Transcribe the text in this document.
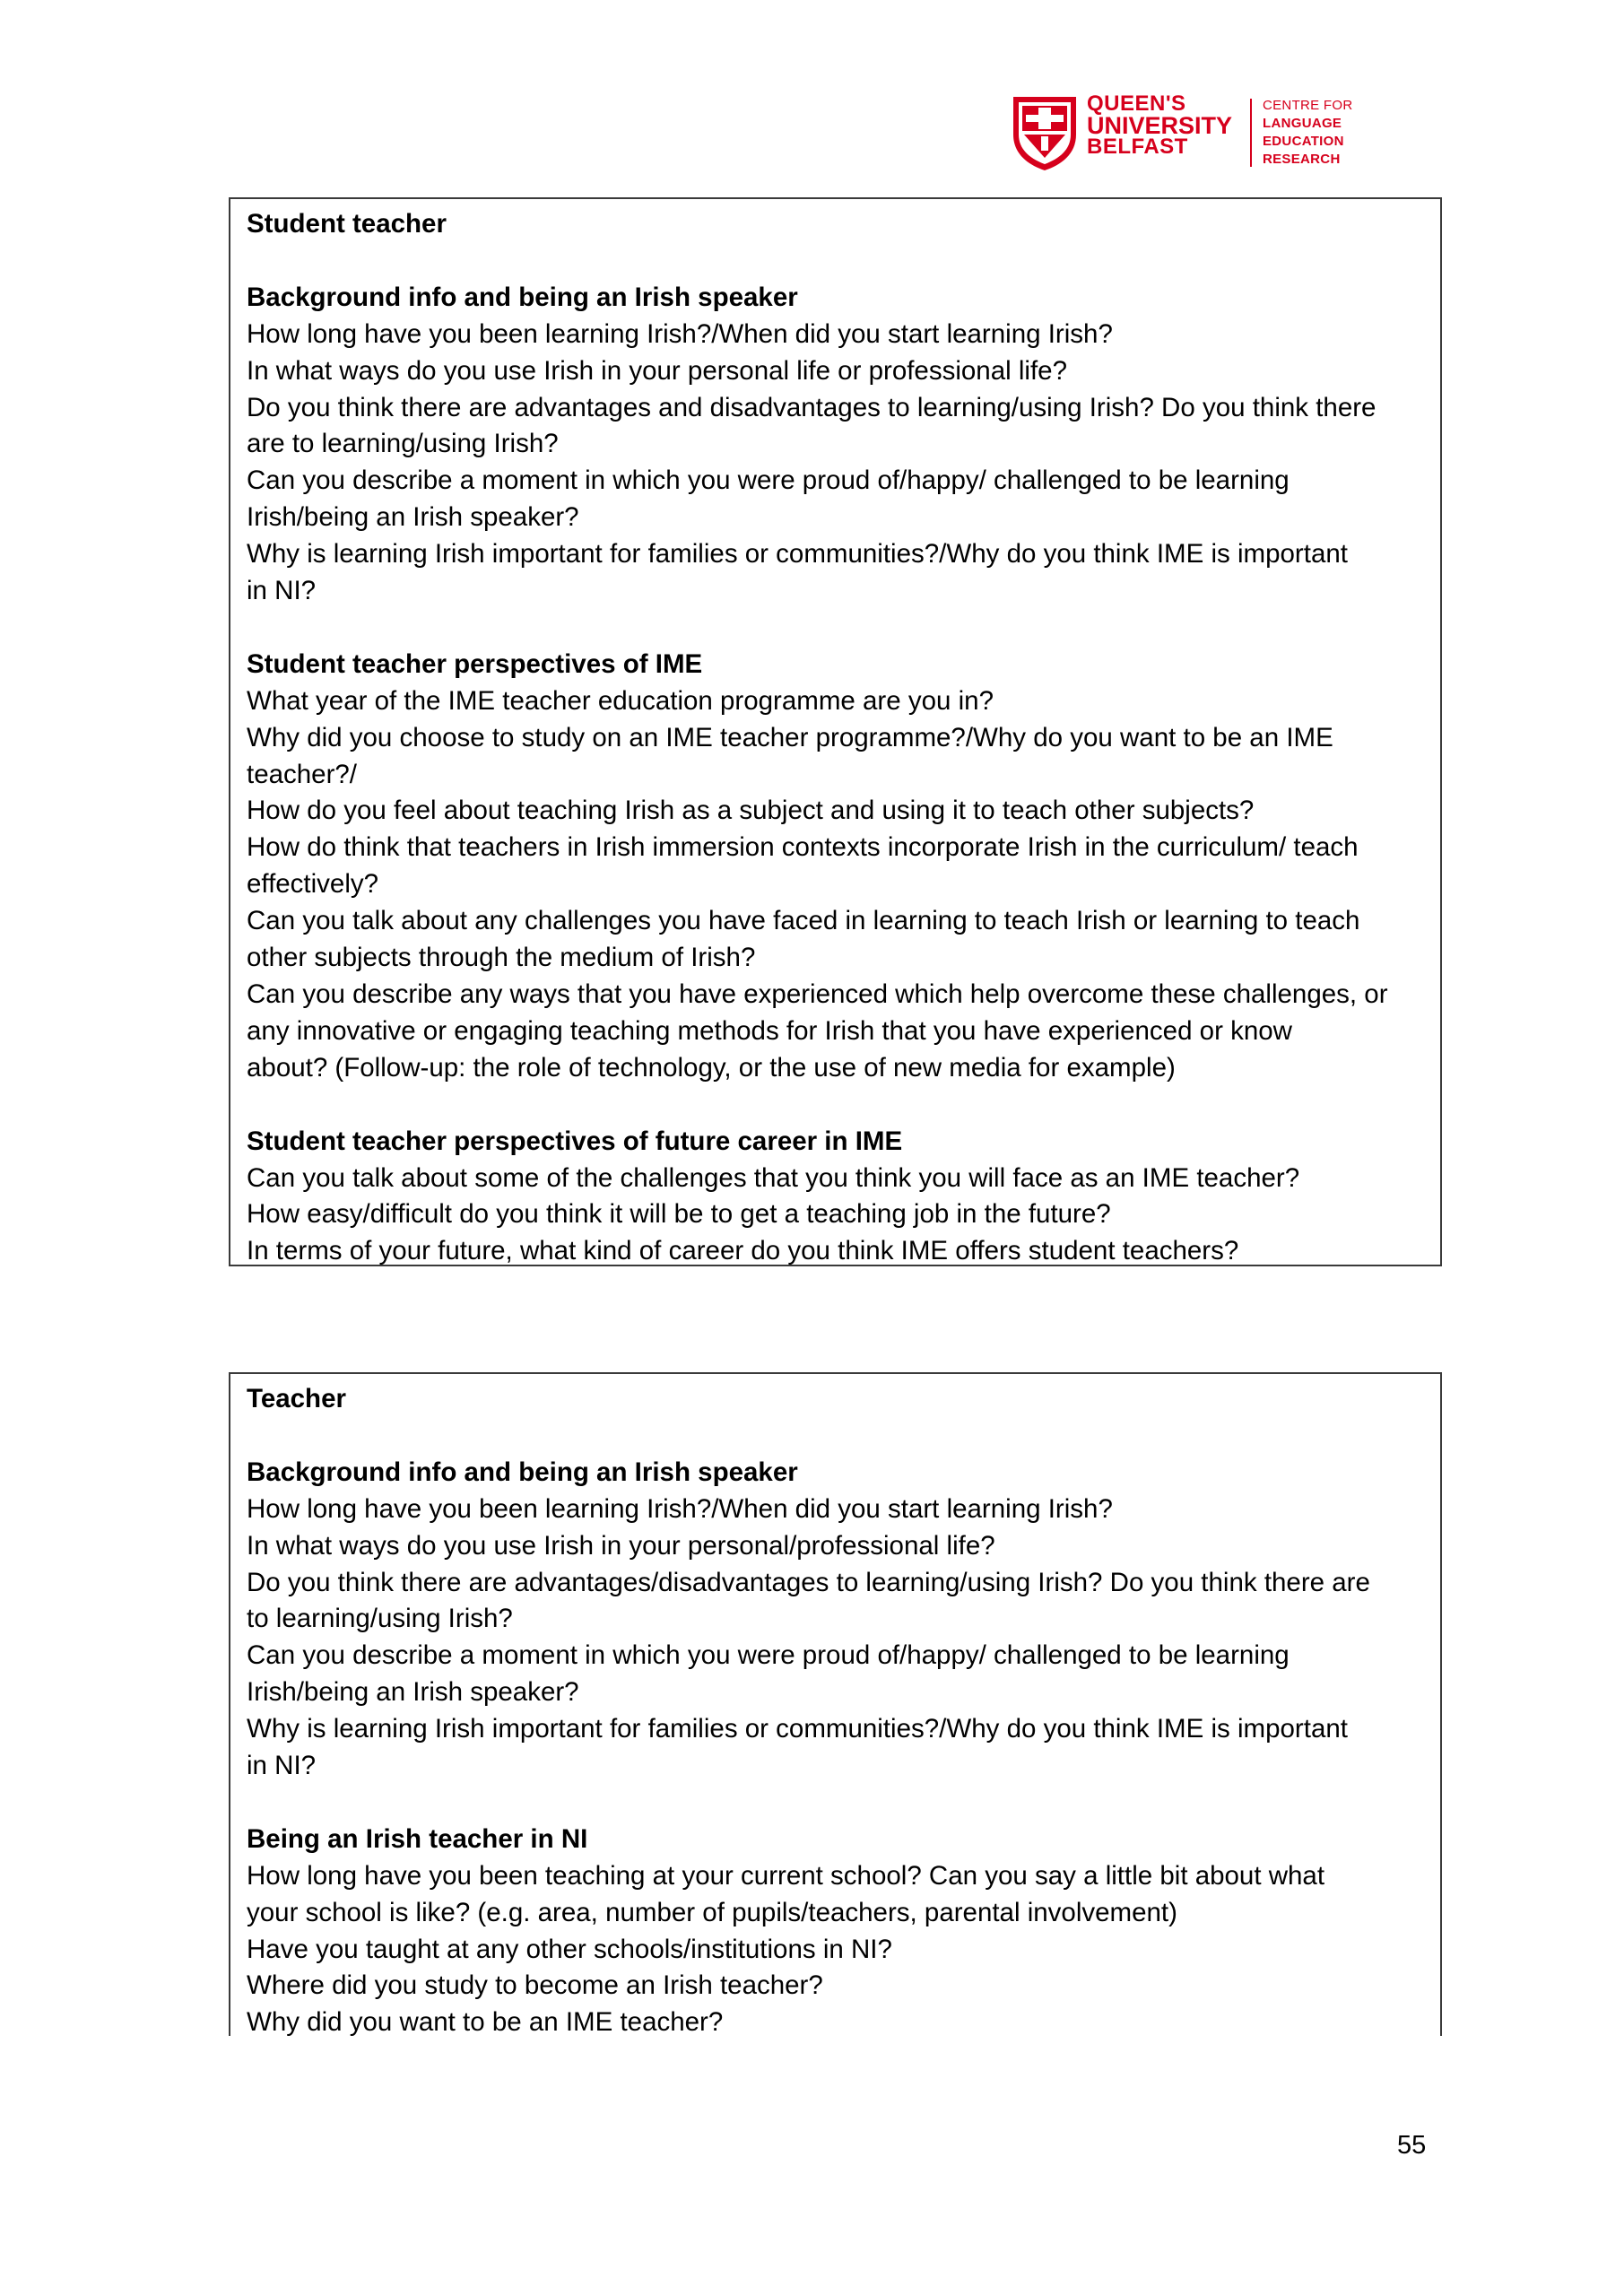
QUEEN'S
UNIVERSITY
BELFAST
CENTRE FOR
LANGUAGE
EDUCATION
RESEARCH
Student teacher
Background info and being an Irish speaker
How long have you been learning Irish?/When did you start learning Irish?
In what ways do you use Irish in your personal life or professional life?
Do you think there are advantages and disadvantages to learning/using Irish? Do you think there
are to learning/using Irish?
Can you describe a moment in which you were proud of/happy/ challenged to be learning
Irish/being an Irish speaker?
Why is learning Irish important for families or communities?/Why do you think IME is important
in NI?
Student teacher perspectives of IME
What year of the IME teacher education programme are you in?
Why did you choose to study on an IME teacher programme?/Why do you want to be an IME
teacher?/
How do you feel about teaching Irish as a subject and using it to teach other subjects?
How do think that teachers in Irish immersion contexts incorporate Irish in the curriculum/ teach
effectively?
Can you talk about any challenges you have faced in learning to teach Irish or learning to teach
other subjects through the medium of Irish?
Can you describe any ways that you have experienced which help overcome these challenges, or
any innovative or engaging teaching methods for Irish that you have experienced or know
about? (Follow-up: the role of technology, or the use of new media for example)
Student teacher perspectives of future career in IME
Can you talk about some of the challenges that you think you will face as an IME teacher?
How easy/difficult do you think it will be to get a teaching job in the future?
In terms of your future, what kind of career do you think IME offers student teachers?
Teacher
Background info and being an Irish speaker
How long have you been learning Irish?/When did you start learning Irish?
In what ways do you use Irish in your personal/professional life?
Do you think there are advantages/disadvantages to learning/using Irish? Do you think there are
to learning/using Irish?
Can you describe a moment in which you were proud of/happy/ challenged to be learning
Irish/being an Irish speaker?
Why is learning Irish important for families or communities?/Why do you think IME is important
in NI?
Being an Irish teacher in NI
How long have you been teaching at your current school? Can you say a little bit about what
your school is like? (e.g. area, number of pupils/teachers, parental involvement)
Have you taught at any other schools/institutions in NI?
Where did you study to become an Irish teacher?
Why did you want to be an IME teacher?
55
